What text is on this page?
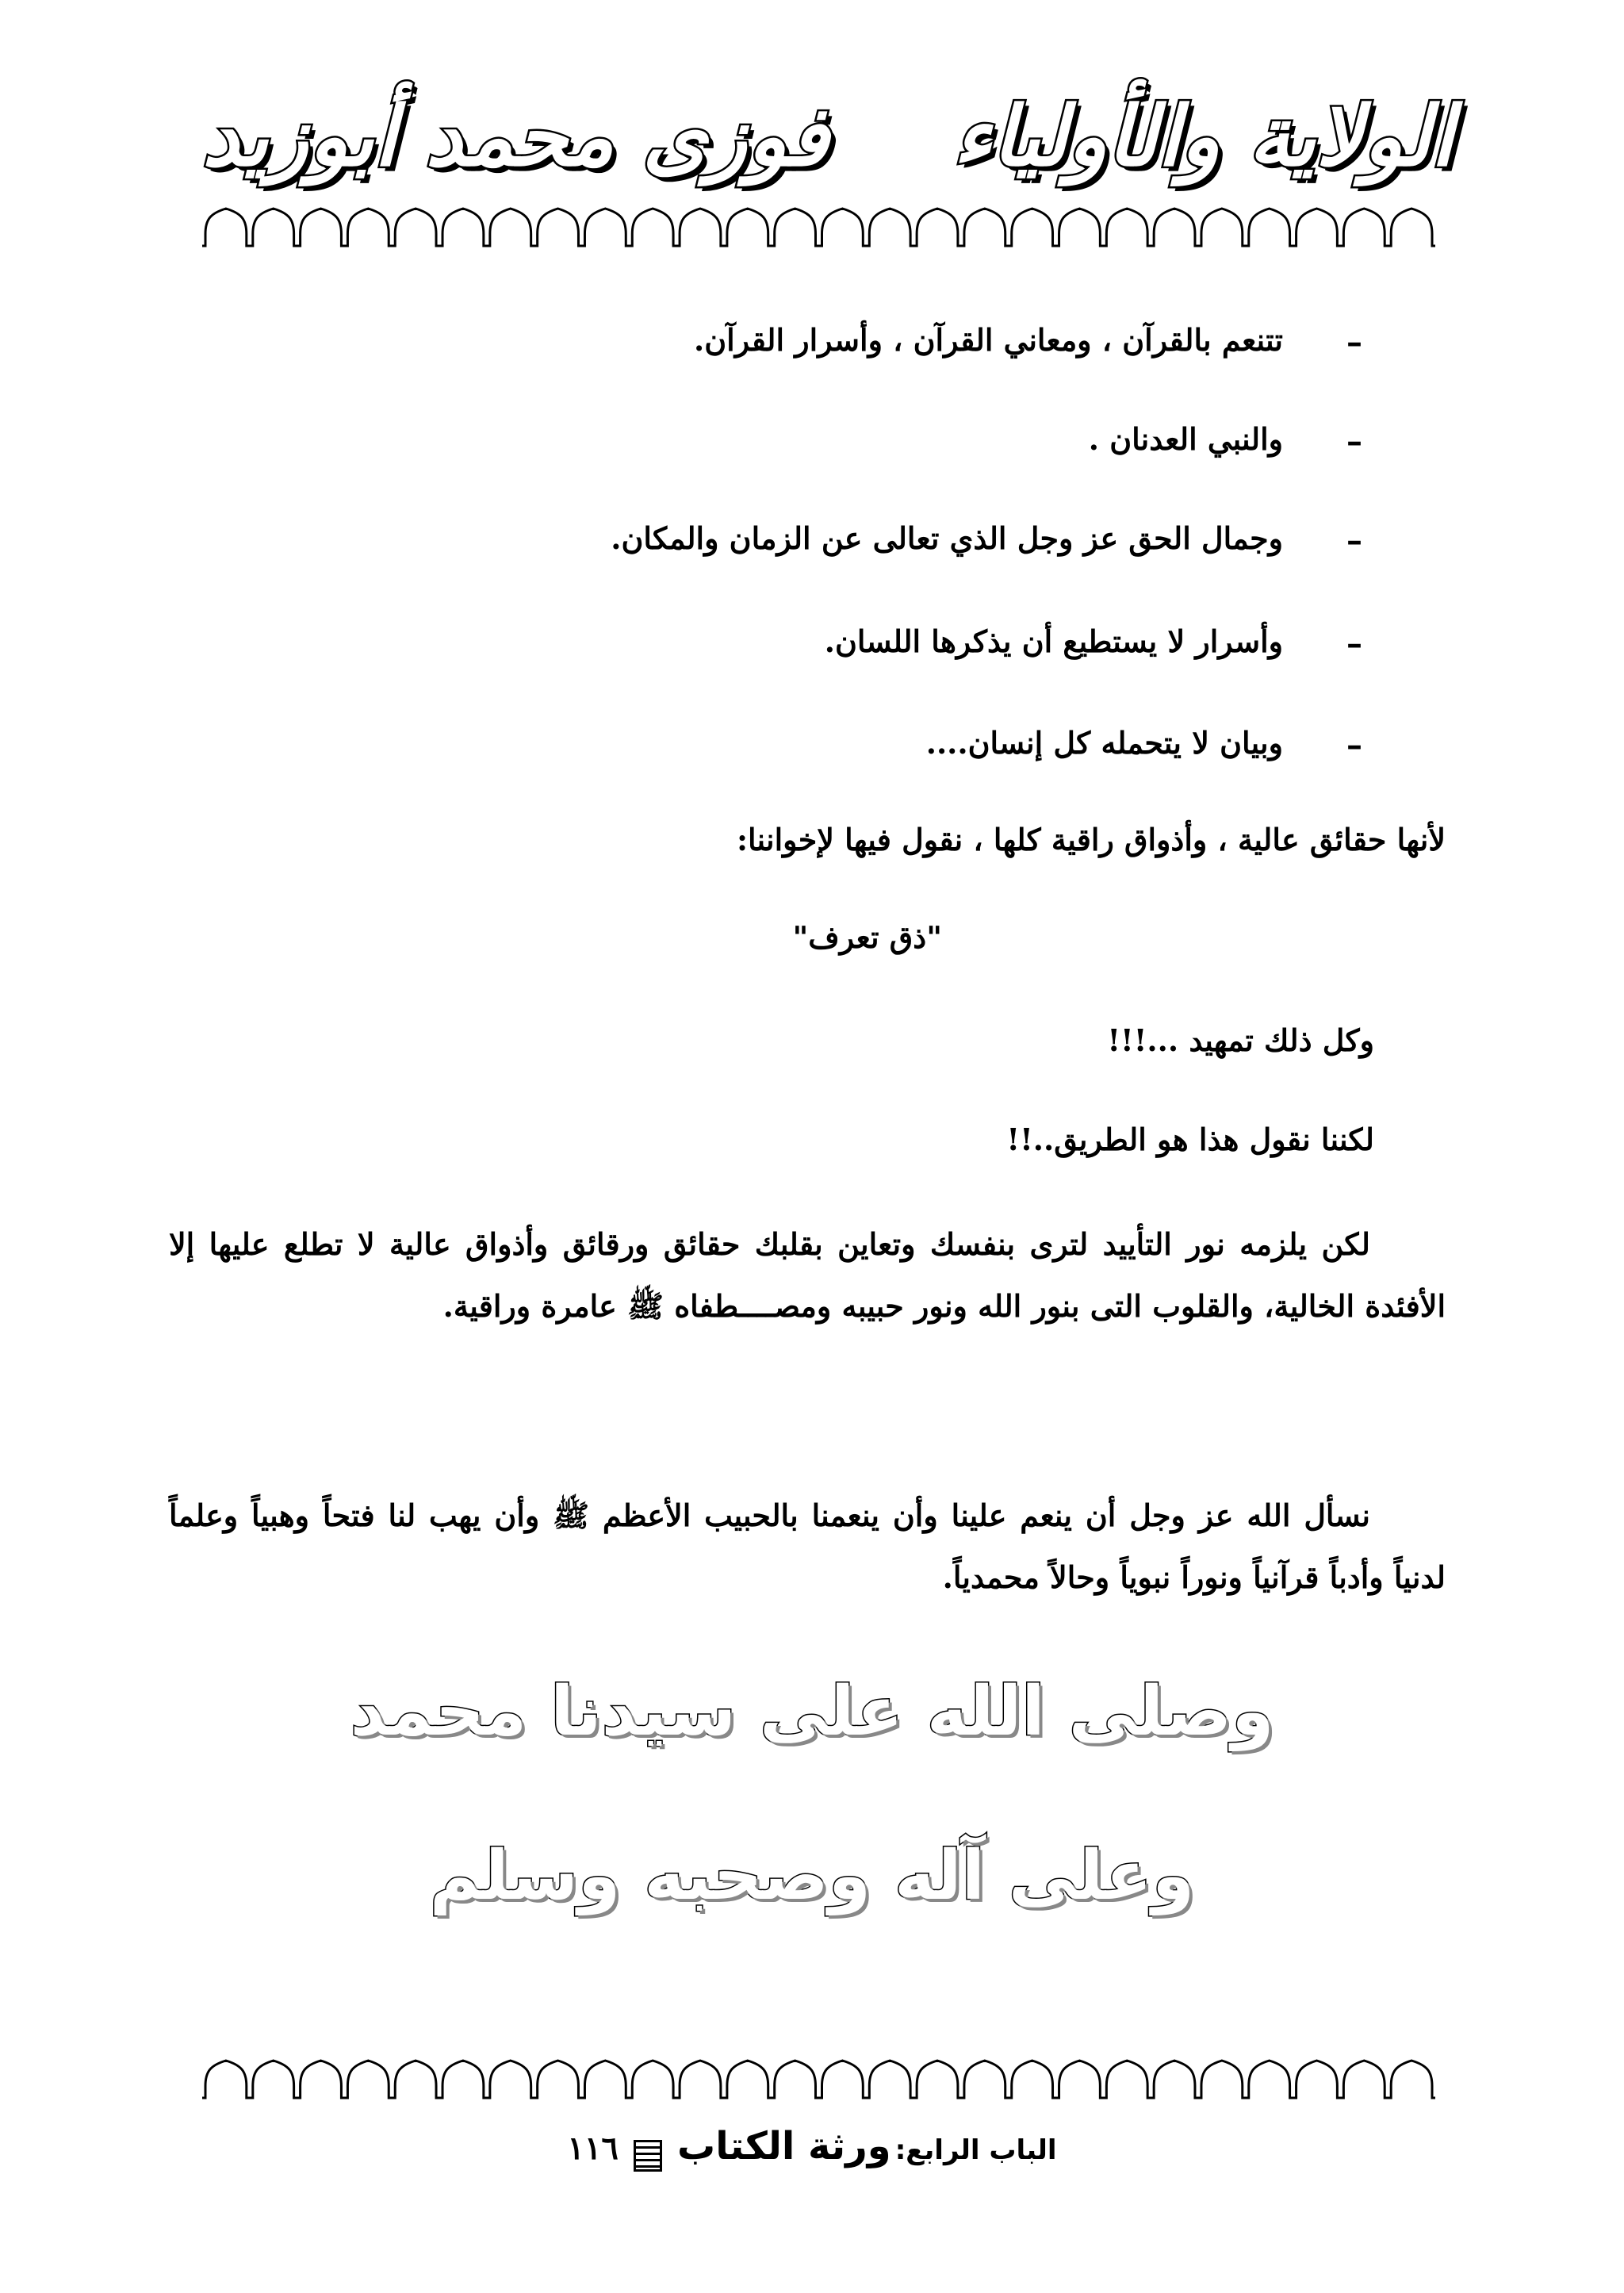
الولاية والأولياء
فوزى محمد أبوزيد
–
تتنعم بالقرآن ، ومعاني القرآن ، وأسرار القرآن.
–
والنبي العدنان .
–
وجمال الحق عز وجل الذي تعالى عن الزمان والمكان.
–
وأسرار لا يستطيع أن يذكرها اللسان.
–
وبيان لا يتحمله كل إنسان....
لأنها حقائق عالية ، وأذواق راقية كلها ، نقول فيها لإخواننا:
"ذق تعرف"
وكل ذلك تمهيد ...!!!
لكننا نقول هذا هو الطريق..!!
لكن يلزمه نور التأييد لترى بنفسك وتعاين بقلبك حقائق ورقائق وأذواق عالية لا تطلع عليها إلا الأفئدة الخالية، والقلوب التى بنور الله ونور حبيبه ومصــــطفاه ﷺ عامرة وراقية.
نسأل الله عز وجل أن ينعم علينا وأن ينعمنا بالحبيب الأعظم ﷺ وأن يهب لنا فتحاً وهبياً وعلماً لدنياً وأدباً قرآنياً ونوراً نبوياً وحالاً محمدياً.
وصلى الله على سيدنا محمد
وعلى آله وصحبه وسلم
الباب الرابع: ورثة الكتاب  ١١٦
